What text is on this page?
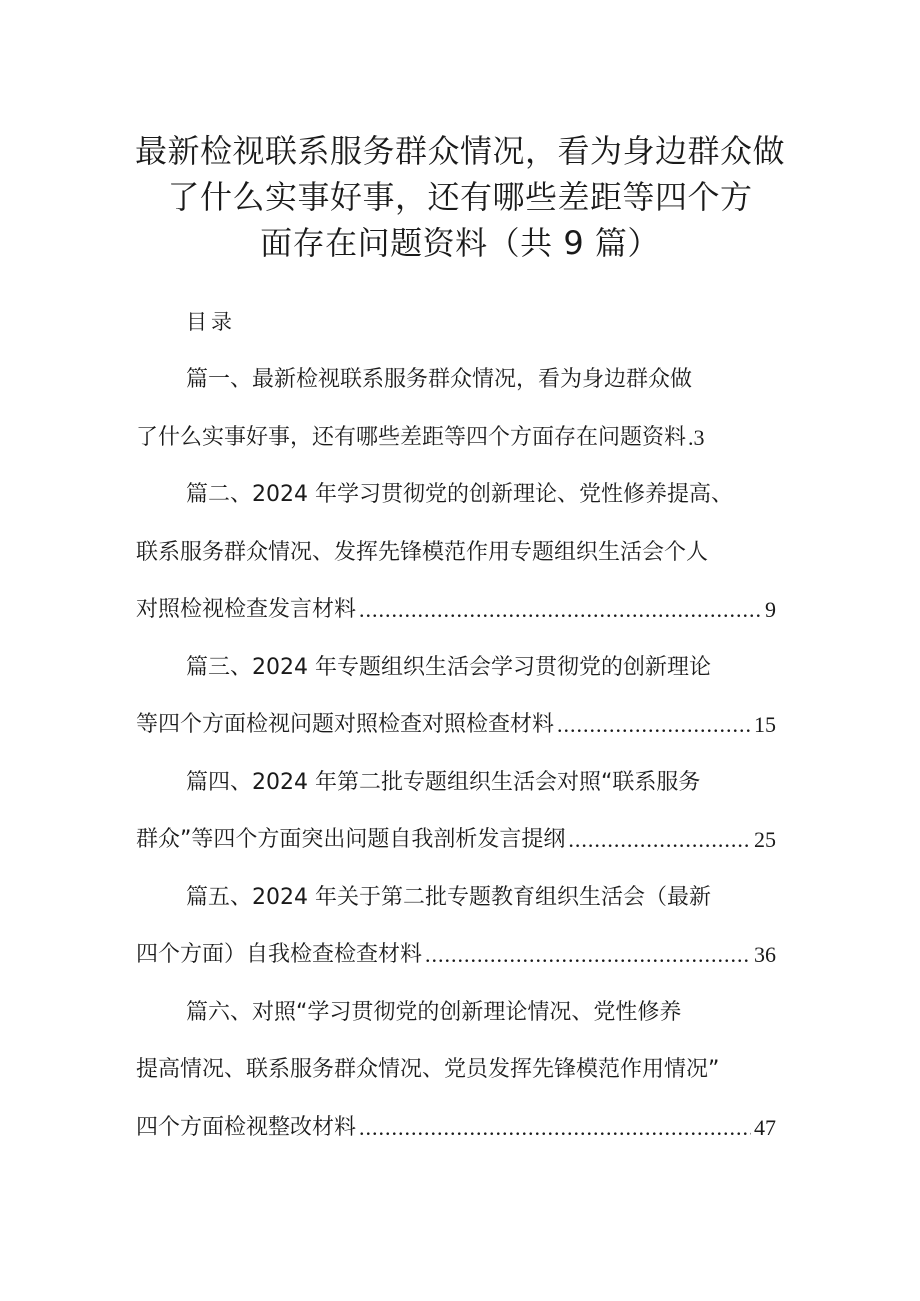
最新检视联系服务群众情况，看为身边群众做
了什么实事好事，还有哪些差距等四个方
面存在问题资料（共 9 篇）
目录
篇一、最新检视联系服务群众情况，看为身边群众做
了什么实事好事，还有哪些差距等四个方面存在问题资料 .3
篇二、2024 年学习贯彻党的创新理论、党性修养提高、
联系服务群众情况、发挥先锋模范作用专题组织生活会个人
对照检视检查发言材料 .....	9
篇三、2024 年专题组织生活会学习贯彻党的创新理论
等四个方面检视问题对照检查对照检查材料 .....	15
篇四、2024 年第二批专题组织生活会对照“联系服务
群众”等四个方面突出问题自我剖析发言提纲 .....	25
篇五、2024 年关于第二批专题教育组织生活会（最新
四个方面）自我检查检查材料 .....	36
篇六、对照“学习贯彻党的创新理论情况、党性修养
提高情况、联系服务群众情况、党员发挥先锋模范作用情况”
四个方面检视整改材料 .....	47
